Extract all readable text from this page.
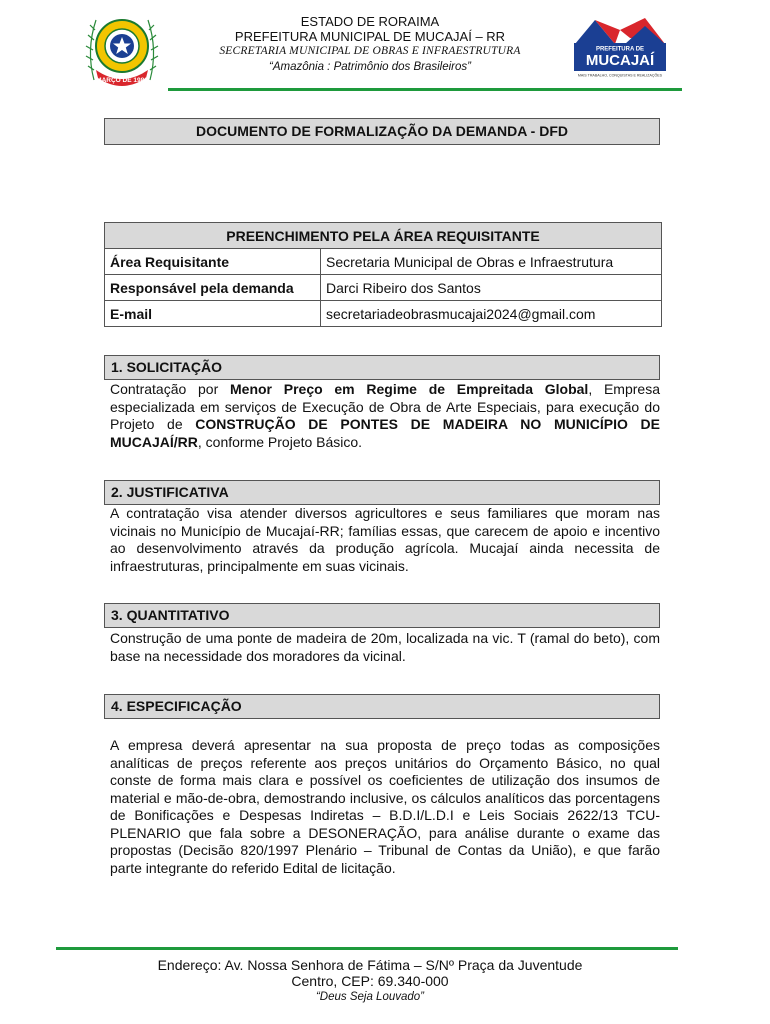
MARÇO DE 1982
ESTADO DE RORAIMA
PREFEITURA MUNICIPAL DE MUCAJAÍ – RR
SECRETARIA MUNICIPAL DE OBRAS E INFRAESTRUTURA
“Amazônia : Patrimônio dos Brasileiros”
PREFEITURA DE
MUCAJAÍ
MAIS TRABALHO, CONQUISTAS E REALIZAÇÕES
DOCUMENTO DE FORMALIZAÇÃO DA DEMANDA - DFD
PREENCHIMENTO PELA ÁREA REQUISITANTE	
Área Requisitante	Secretaria Municipal de Obras e Infraestrutura
Responsável pela demanda	Darci Ribeiro dos Santos
E-mail	secretariadeobrasmucajai2024@gmail.com
1. SOLICITAÇÃO
Contratação por Menor Preço em Regime de Empreitada Global, Empresa especializada em serviços de Execução de Obra de Arte Especiais, para execução do Projeto de CONSTRUÇÃO DE PONTES DE MADEIRA NO MUNICÍPIO DE MUCAJAÍ/RR, conforme Projeto Básico.
2. JUSTIFICATIVA
A contratação visa atender diversos agricultores e seus familiares que moram nas vicinais no Município de Mucajaí-RR; famílias essas, que carecem de apoio e incentivo ao desenvolvimento através da produção agrícola. Mucajaí ainda necessita de infraestruturas, principalmente em suas vicinais.
3. QUANTITATIVO
Construção de uma ponte de madeira de 20m, localizada na vic. T (ramal do beto), com base na necessidade dos moradores da vicinal.
4. ESPECIFICAÇÃO
A empresa deverá apresentar na sua proposta de preço todas as composições analíticas de preços referente aos preços unitários do Orçamento Básico, no qual conste de forma mais clara e possível os coeficientes de utilização dos insumos de material e mão-de-obra, demostrando inclusive, os cálculos analíticos das porcentagens de Bonificações e Despesas Indiretas – B.D.I/L.D.I e Leis Sociais 2622/13 TCU-PLENARIO que fala sobre a DESONERAÇÃO, para análise durante o exame das propostas (Decisão 820/1997 Plenário – Tribunal de Contas da União), e que farão parte integrante do referido Edital de licitação.
Endereço: Av. Nossa Senhora de Fátima – S/Nº Praça da Juventude
Centro, CEP: 69.340-000
“Deus Seja Louvado”
